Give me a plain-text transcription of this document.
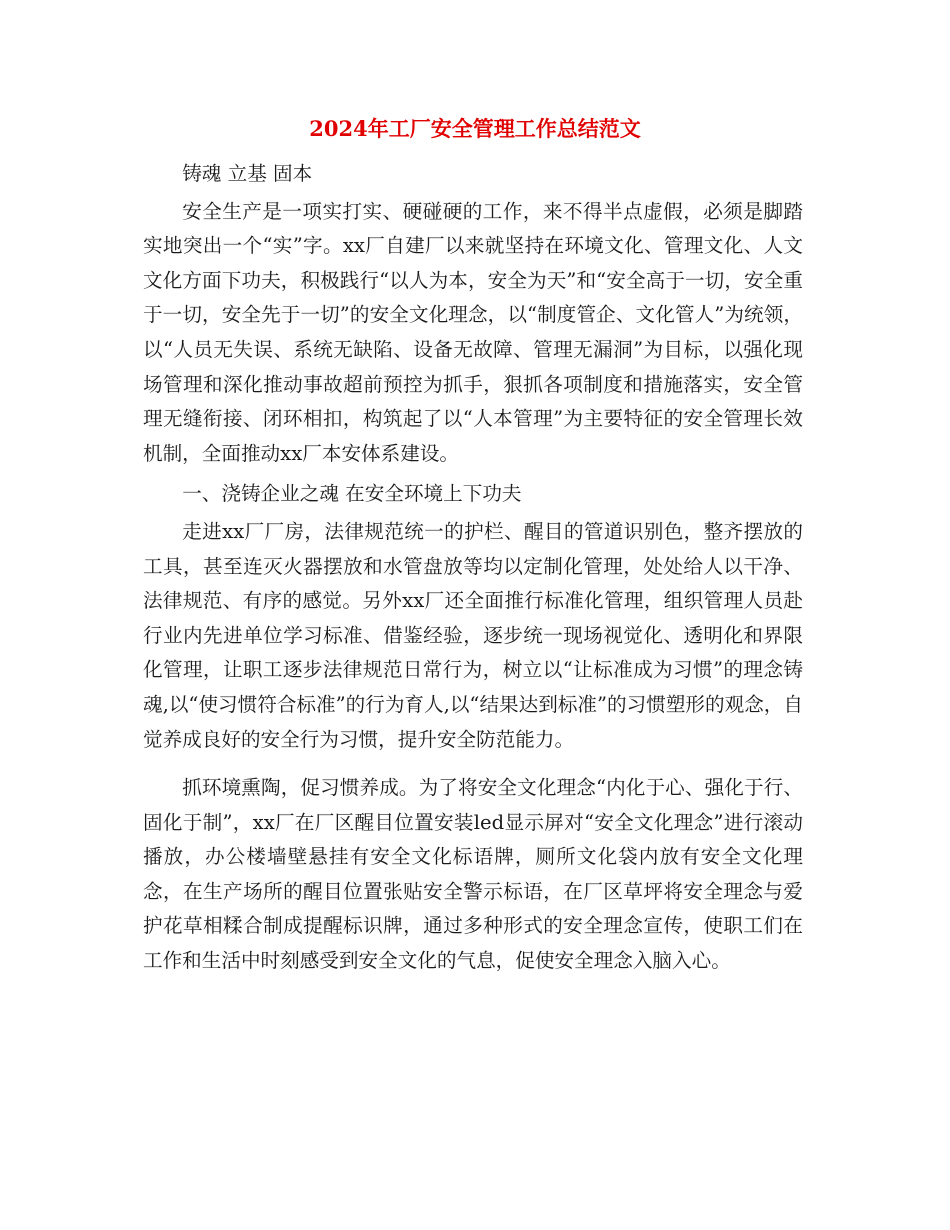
2024年工厂安全管理工作总结范文

铸魂 立基 固本

安全生产是一项实打实、硬碰硬的工作，来不得半点虚假，必须是脚踏实地突出一个“实”字。xx厂自建厂以来就坚持在环境文化、管理文化、人文文化方面下功夫，积极践行“以人为本，安全为天”和“安全高于一切，安全重于一切，安全先于一切”的安全文化理念，以“制度管企、文化管人”为统领，以“人员无失误、系统无缺陷、设备无故障、管理无漏洞”为目标，以强化现场管理和深化推动事故超前预控为抓手，狠抓各项制度和措施落实，安全管理无缝衔接、闭环相扣，构筑起了以“人本管理”为主要特征的安全管理长效机制，全面推动xx厂本安体系建设。

一、浇铸企业之魂 在安全环境上下功夫

走进xx厂厂房，法律规范统一的护栏、醒目的管道识别色，整齐摆放的工具，甚至连灭火器摆放和水管盘放等均以定制化管理，处处给人以干净、法律规范、有序的感觉。另外xx厂还全面推行标准化管理，组织管理人员赴行业内先进单位学习标准、借鉴经验，逐步统一现场视觉化、透明化和界限化管理，让职工逐步法律规范日常行为，树立以“让标准成为习惯”的理念铸魂,以“使习惯符合标准”的行为育人,以“结果达到标准”的习惯塑形的观念，自觉养成良好的安全行为习惯，提升安全防范能力。

抓环境熏陶，促习惯养成。为了将安全文化理念“内化于心、强化于行、固化于制”，xx厂在厂区醒目位置安装led显示屏对“安全文化理念”进行滚动播放，办公楼墙壁悬挂有安全文化标语牌，厕所文化袋内放有安全文化理念，在生产场所的醒目位置张贴安全警示标语，在厂区草坪将安全理念与爱护花草相糅合制成提醒标识牌，通过多种形式的安全理念宣传，使职工们在工作和生活中时刻感受到安全文化的气息，促使安全理念入脑入心。
